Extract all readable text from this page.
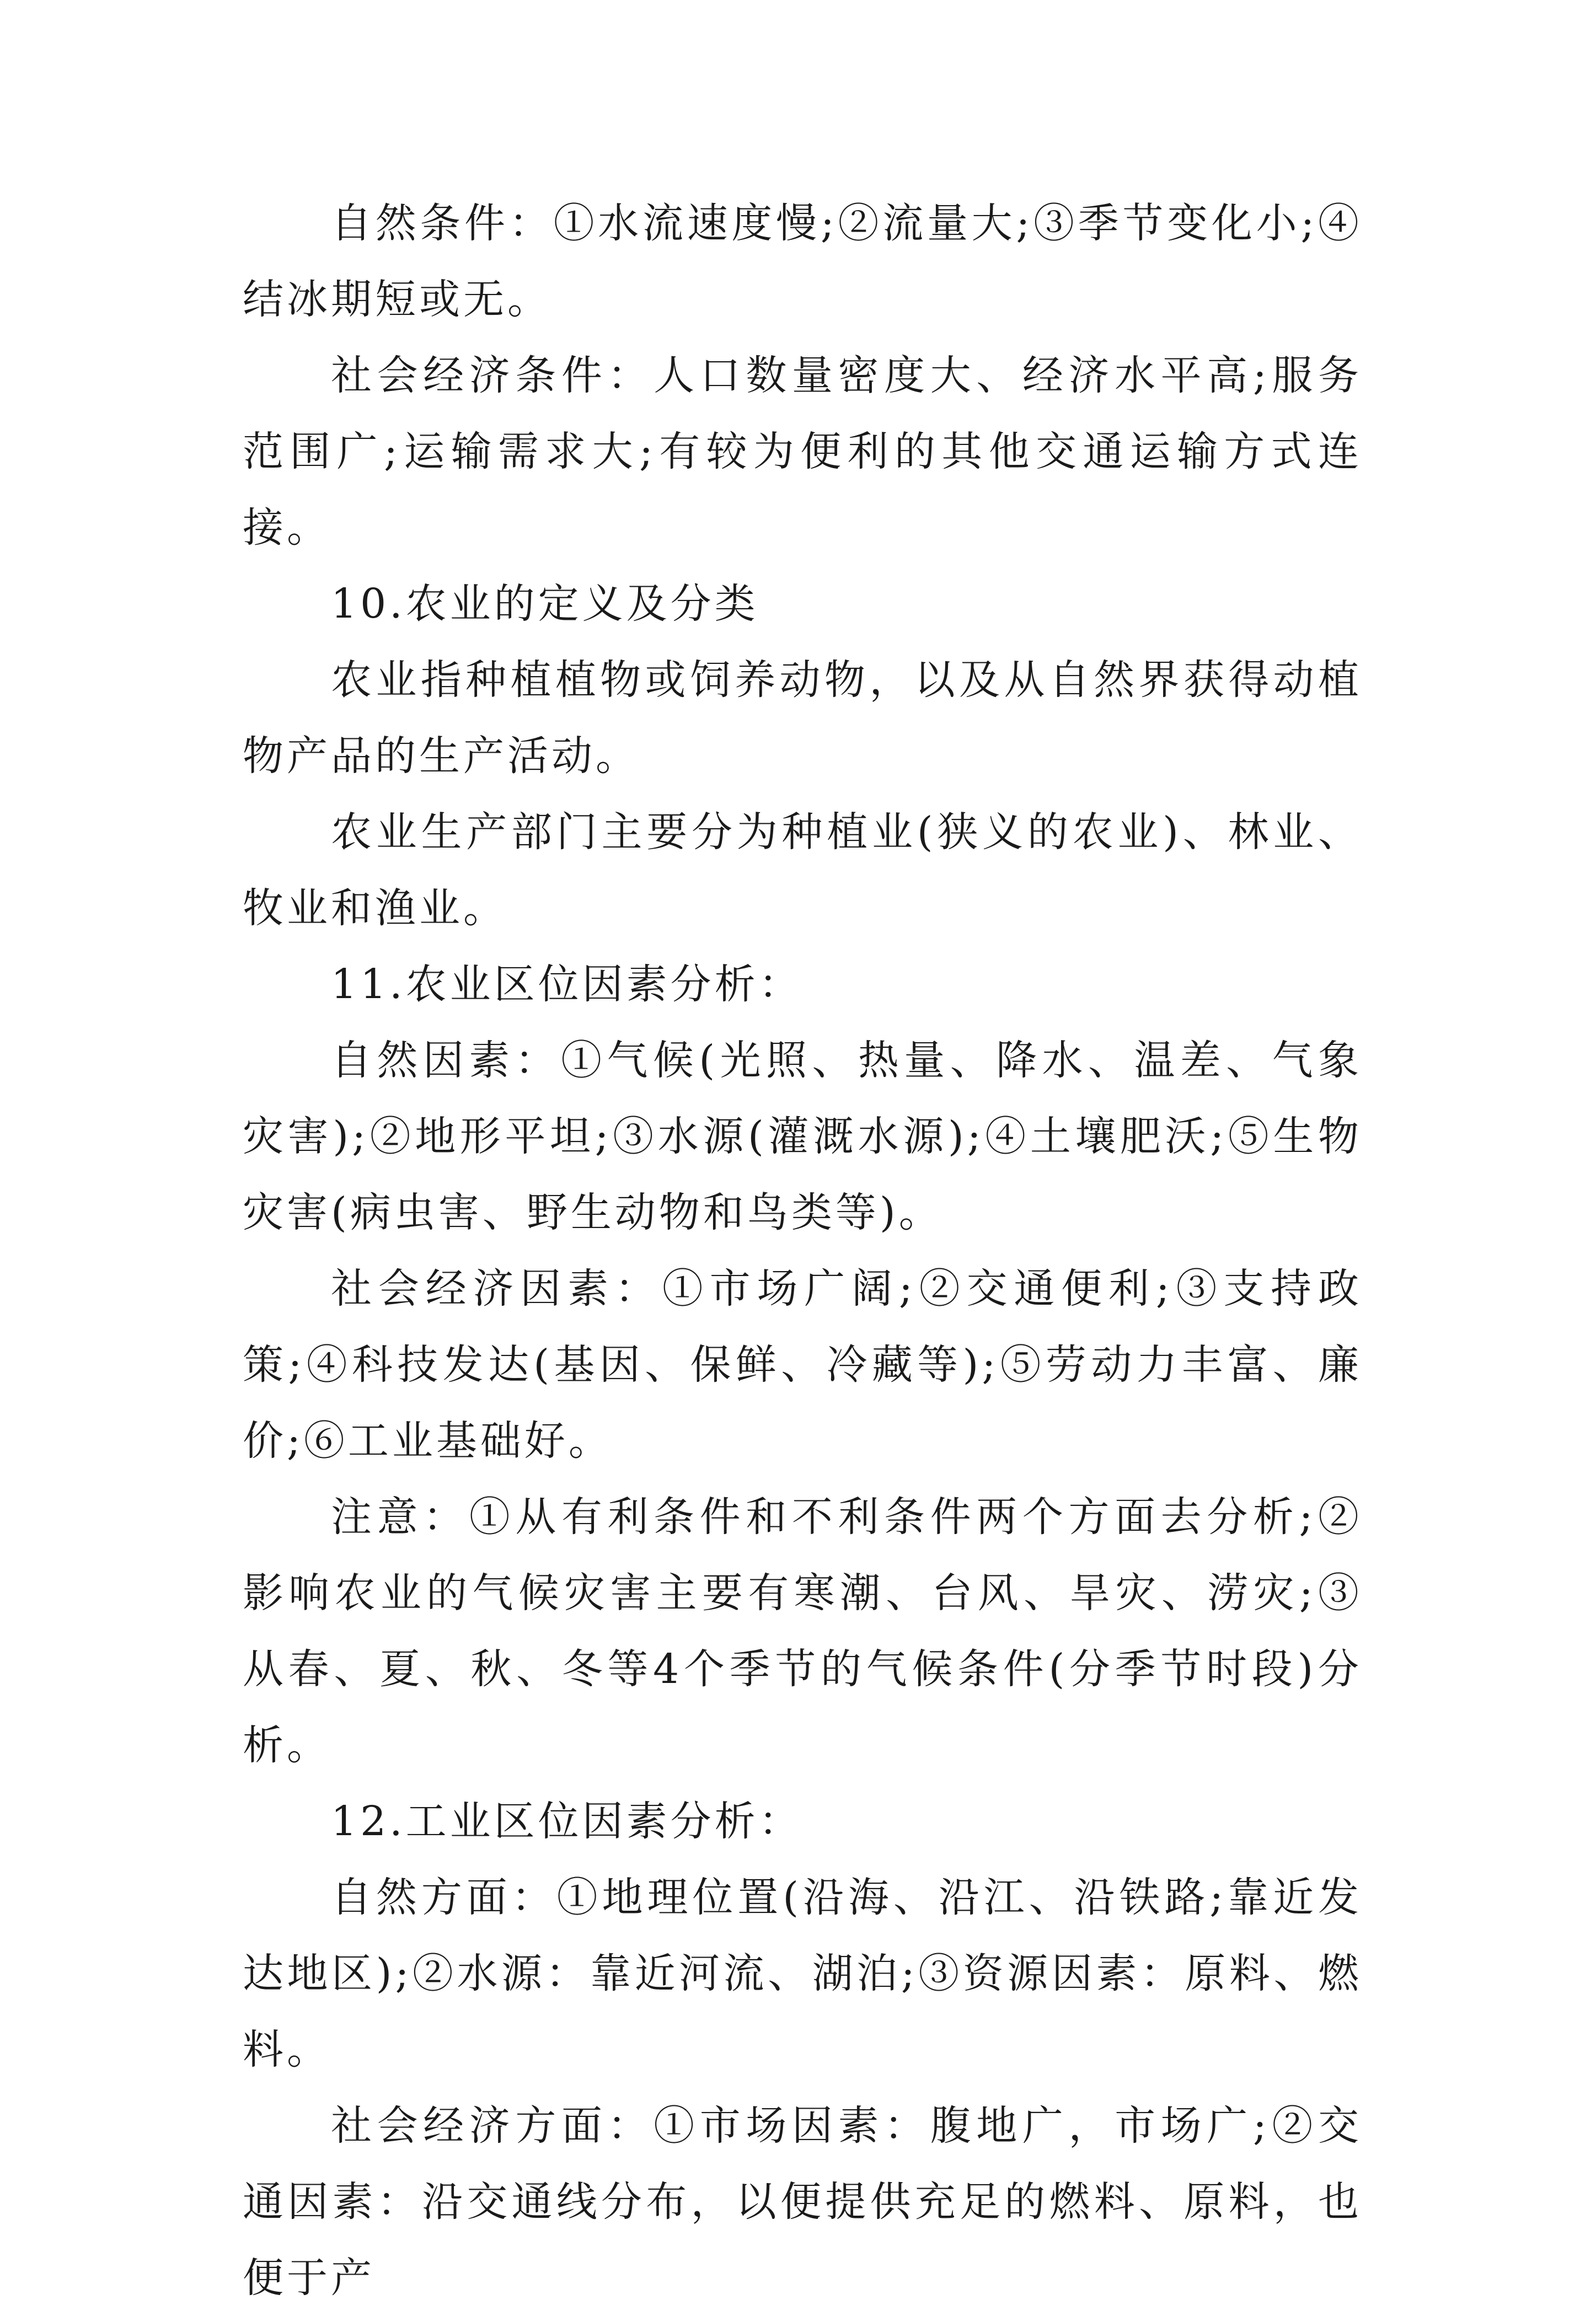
自然条件：①水流速度慢;②流量大;③季节变化小;④结冰期短或无。

社会经济条件：人口数量密度大、经济水平高;服务范围广;运输需求大;有较为便利的其他交通运输方式连接。

10.农业的定义及分类

农业指种植植物或饲养动物，以及从自然界获得动植物产品的生产活动。

农业生产部门主要分为种植业(狭义的农业)、林业、牧业和渔业。

11.农业区位因素分析：

自然因素：①气候(光照、热量、降水、温差、气象灾害);②地形平坦;③水源(灌溉水源);④土壤肥沃;⑤生物灾害(病虫害、野生动物和鸟类等)。

社会经济因素：①市场广阔;②交通便利;③支持政策;④科技发达(基因、保鲜、冷藏等);⑤劳动力丰富、廉价;⑥工业基础好。

注意：①从有利条件和不利条件两个方面去分析;②影响农业的气候灾害主要有寒潮、台风、旱灾、涝灾;③从春、夏、秋、冬等4个季节的气候条件(分季节时段)分析。

12.工业区位因素分析：

自然方面：①地理位置(沿海、沿江、沿铁路;靠近发达地区);②水源：靠近河流、湖泊;③资源因素：原料、燃料。

社会经济方面：①市场因素：腹地广，市场广;②交通因素：沿交通线分布，以便提供充足的燃料、原料，也便于产
